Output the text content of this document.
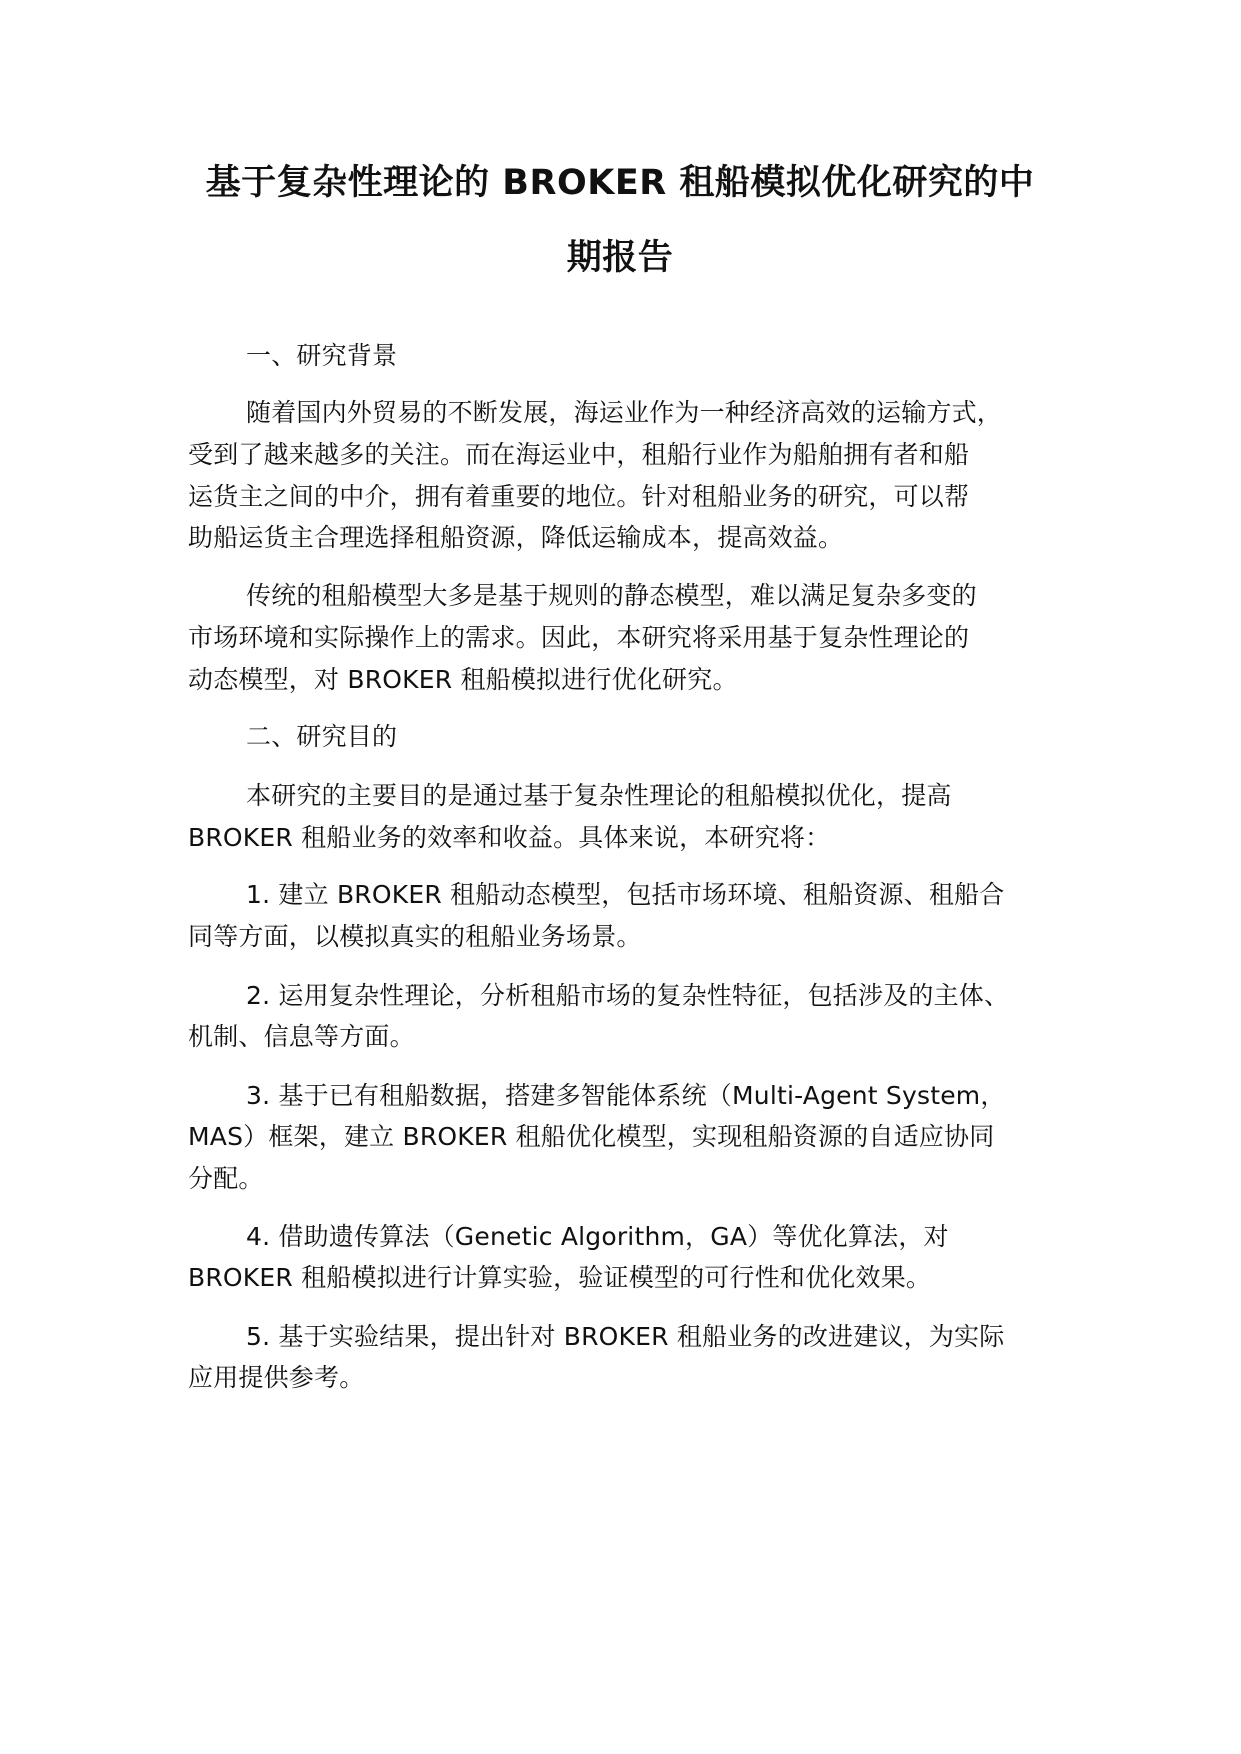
基于复杂性理论的 BROKER 租船模拟优化研究的中
期报告
一、研究背景
随着国内外贸易的不断发展，海运业作为一种经济高效的运输方式，
受到了越来越多的关注。而在海运业中，租船行业作为船舶拥有者和船
运货主之间的中介，拥有着重要的地位。针对租船业务的研究，可以帮
助船运货主合理选择租船资源，降低运输成本，提高效益。
传统的租船模型大多是基于规则的静态模型，难以满足复杂多变的
市场环境和实际操作上的需求。因此，本研究将采用基于复杂性理论的
动态模型，对 BROKER 租船模拟进行优化研究。
二、研究目的
本研究的主要目的是通过基于复杂性理论的租船模拟优化，提高
BROKER 租船业务的效率和收益。具体来说，本研究将：
1. 建立 BROKER 租船动态模型，包括市场环境、租船资源、租船合
同等方面，以模拟真实的租船业务场景。
2. 运用复杂性理论，分析租船市场的复杂性特征，包括涉及的主体、
机制、信息等方面。
3. 基于已有租船数据，搭建多智能体系统（Multi-Agent System，
MAS）框架，建立 BROKER 租船优化模型，实现租船资源的自适应协同
分配。
4. 借助遗传算法（Genetic Algorithm，GA）等优化算法，对
BROKER 租船模拟进行计算实验，验证模型的可行性和优化效果。
5. 基于实验结果，提出针对 BROKER 租船业务的改进建议，为实际
应用提供参考。
